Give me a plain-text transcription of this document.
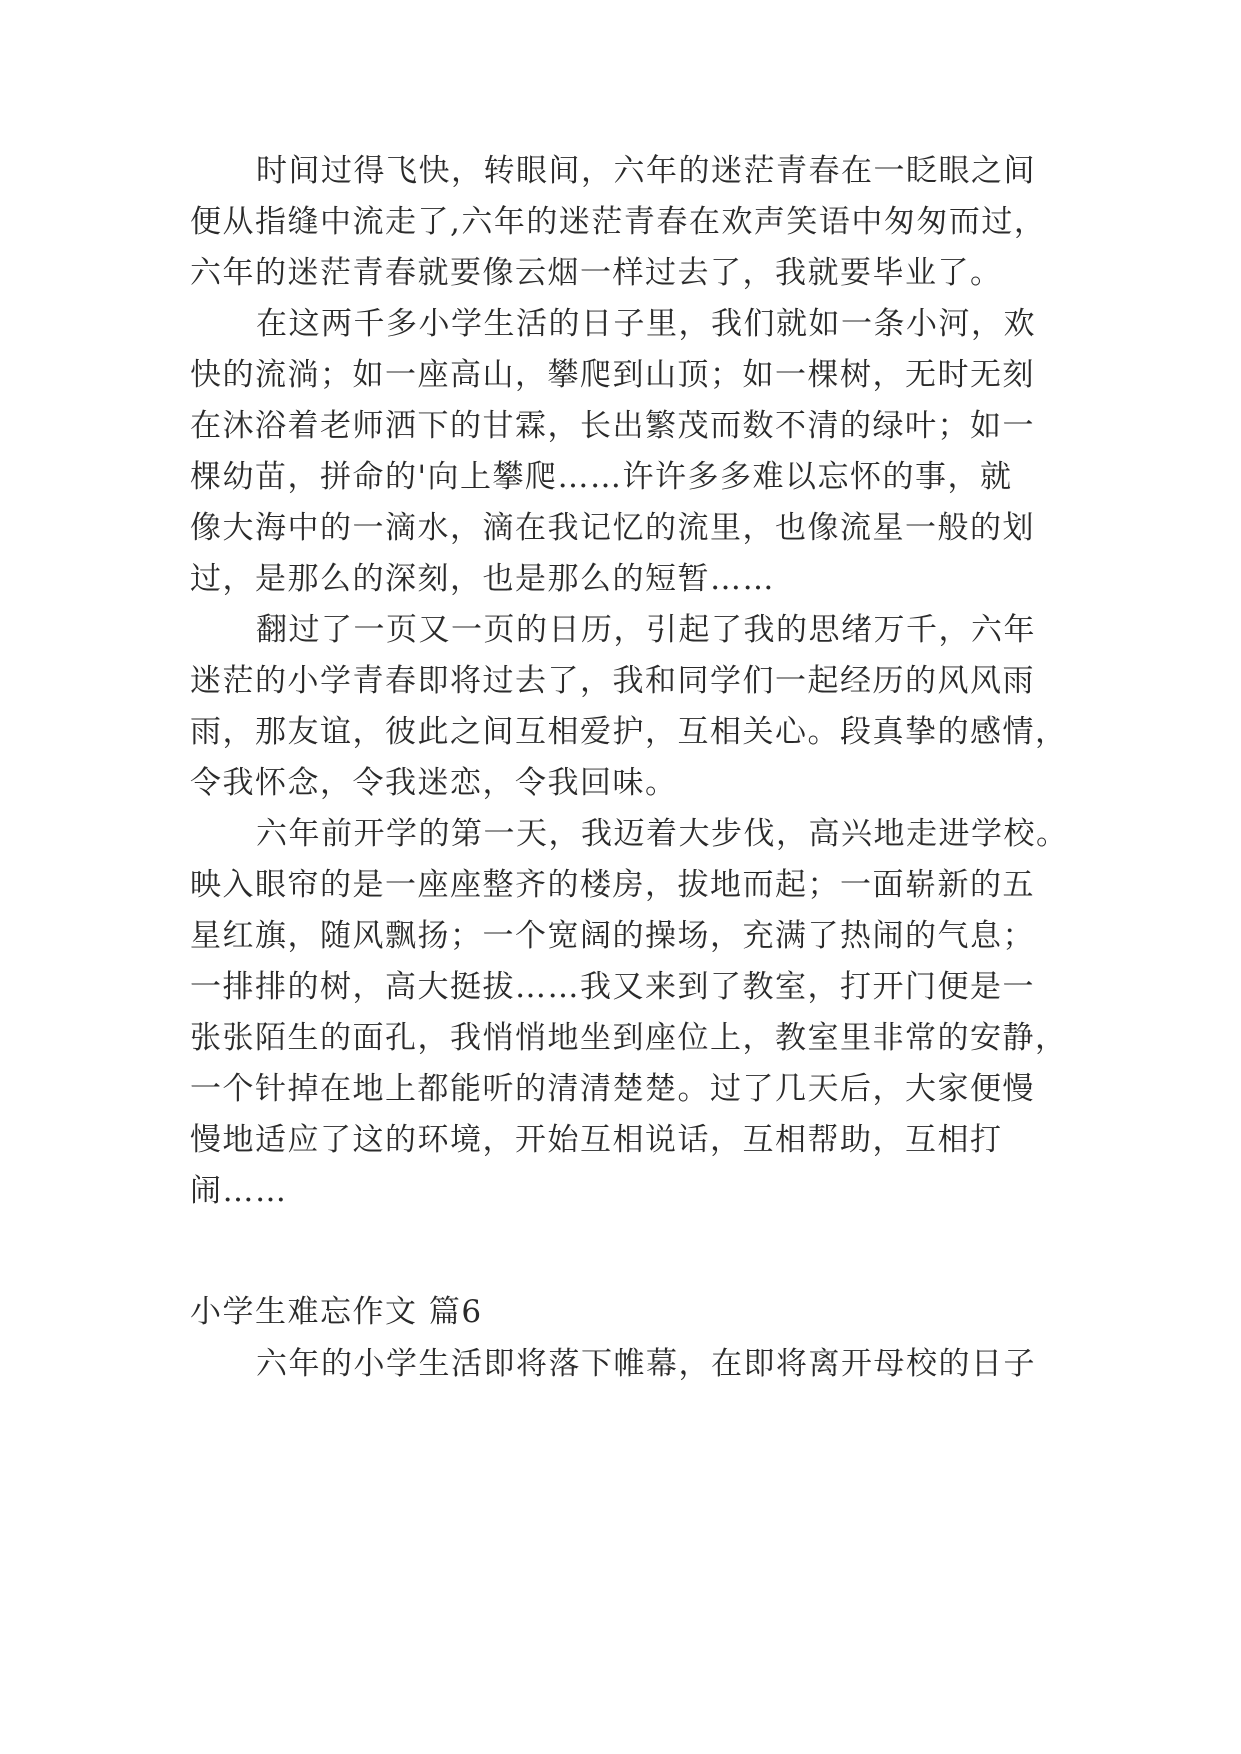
时间过得飞快，转眼间，六年的迷茫青春在一眨眼之间
便从指缝中流走了,六年的迷茫青春在欢声笑语中匆匆而过，
六年的迷茫青春就要像云烟一样过去了，我就要毕业了。
在这两千多小学生活的日子里，我们就如一条小河，欢
快的流淌；如一座高山，攀爬到山顶；如一棵树，无时无刻
在沐浴着老师洒下的甘霖，长出繁茂而数不清的绿叶；如一
棵幼苗，拼命的'向上攀爬……许许多多难以忘怀的事，就
像大海中的一滴水，滴在我记忆的流里，也像流星一般的划
过，是那么的深刻，也是那么的短暂……
翻过了一页又一页的日历，引起了我的思绪万千，六年
迷茫的小学青春即将过去了，我和同学们一起经历的风风雨
雨，那友谊，彼此之间互相爱护，互相关心。段真挚的感情，
令我怀念，令我迷恋，令我回味。
六年前开学的第一天，我迈着大步伐，高兴地走进学校。
映入眼帘的是一座座整齐的楼房，拔地而起；一面崭新的五
星红旗，随风飘扬；一个宽阔的操场，充满了热闹的气息；
一排排的树，高大挺拔……我又来到了教室，打开门便是一
张张陌生的面孔，我悄悄地坐到座位上，教室里非常的安静，
一个针掉在地上都能听的清清楚楚。过了几天后，大家便慢
慢地适应了这的环境，开始互相说话，互相帮助，互相打
闹……
小学生难忘作文 篇6
六年的小学生活即将落下帷幕，在即将离开母校的日子
